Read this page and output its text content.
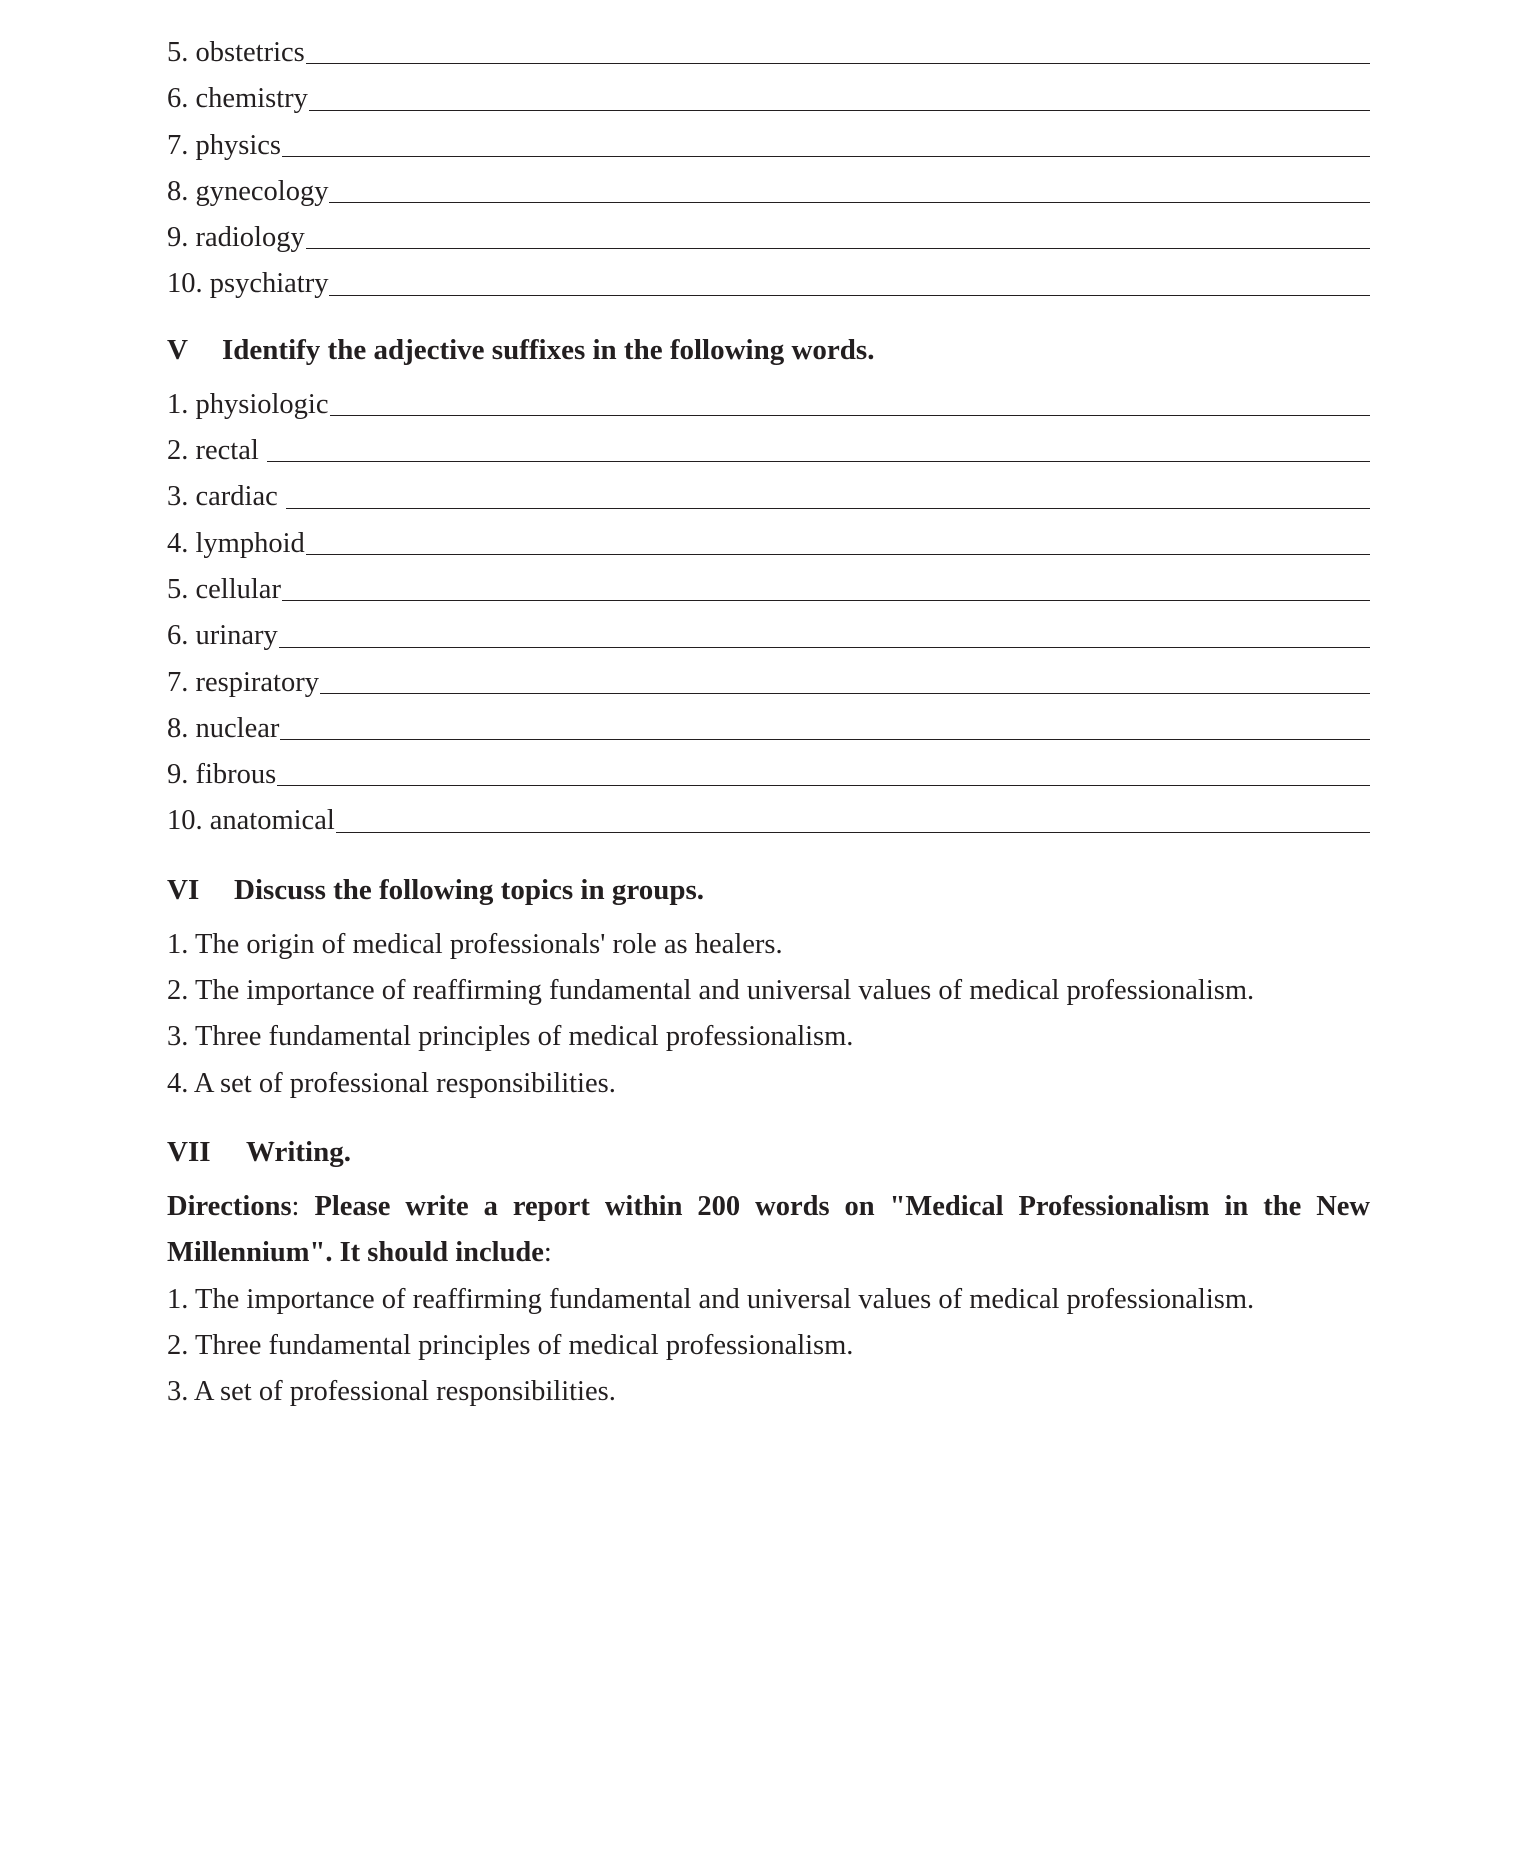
5. obstetrics
6. chemistry
7. physics
8. gynecology
9. radiology
10. psychiatry
V	Identify the adjective suffixes in the following words.
1. physiologic
2. rectal
3. cardiac
4. lymphoid
5. cellular
6. urinary
7. respiratory
8. nuclear
9. fibrous
10. anatomical
VI	Discuss the following topics in groups.
1. The origin of medical professionals' role as healers.
2. The importance of reaffirming fundamental and universal values of medical professionalism.
3. Three fundamental principles of medical professionalism.
4. A set of professional responsibilities.
VII	Writing.
Directions: Please write a report within 200 words on "Medical Professionalism in the New Millennium". It should include:
1. The importance of reaffirming fundamental and universal values of medical professionalism.
2. Three fundamental principles of medical professionalism.
3. A set of professional responsibilities.
